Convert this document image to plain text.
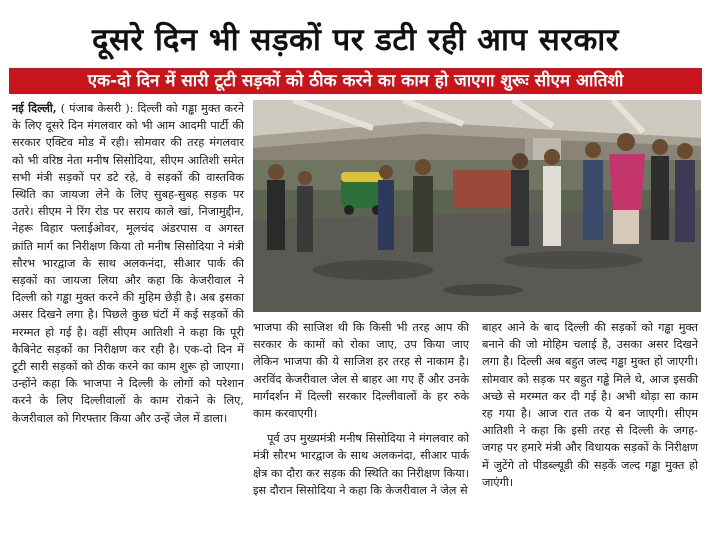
दूसरे दिन भी सड़कों पर डटी रही आप सरकार
एक-दो दिन में सारी टूटी सड़कों को ठीक करने का काम हो जाएगा शुरूः सीएम आतिशी

नई दिल्ली, ( पंजाब केसरी ): दिल्ली को गड्ढा मुक्त करने के लिए दूसरे दिन मंगलवार को भी आम आदमी पार्टी की सरकार एक्टिव मोड में रही। सोमवार की तरह मंगलवार को भी वरिष्ठ नेता मनीष सिसोदिया, सीएम आतिशी समेत सभी मंत्री सड़कों पर डटे रहे, वे सड़कों की वास्तविक स्थिति का जायजा लेने के लिए सुबह-सुबह सड़क पर उतरे। सीएम ने रिंग रोड पर सराय काले खां, निजामुद्दीन, नेहरू विहार फ्लाईओवर, मूलचंद अंडरपास व अगस्त क्रांति मार्ग का निरीक्षण किया तो मनीष सिसोदिया ने मंत्री सौरभ भारद्वाज के साथ अलकनंदा, सीआर पार्क की सड़कों का जायजा लिया और कहा कि केजरीवाल ने दिल्ली को गड्ढा मुक्त करने की मुहिम छेड़ी है। अब इसका असर दिखने लगा है। पिछले कुछ घंटों में कई सड़कों की मरम्मत हो गई है। वहीं सीएम आतिशी ने कहा कि पूरी कैबिनेट सड़कों का निरीक्षण कर रही है। एक-दो दिन में टूटी सारी सड़कों को ठीक करने का काम शुरू हो जाएगा। उन्होंने कहा कि भाजपा ने दिल्ली के लोगों को परेशान करने के लिए दिल्लीवालों के काम रोकने के लिए, केजरीवाल को गिरफ्तार किया और उन्हें जेल में डाला।

भाजपा की साजिश थी कि किसी भी तरह आप की सरकार के कामों को रोका जाए, उप किया जाए लेकिन भाजपा की ये साजिश हर तरह से नाकाम है। अरविंद केजरीवाल जेल से बाहर आ गए हैं और उनके मार्गदर्शन में दिल्ली सरकार दिल्लीवालों के हर रुके काम करवाएगी।

पूर्व उप मुख्यमंत्री मनीष सिसोदिया ने मंगलवार को मंत्री सौरभ भारद्वाज के साथ अलकनंदा, सीआर पार्क क्षेत्र का दौरा कर सड़क की स्थिति का निरीक्षण किया। इस दौरान सिसोदिया ने कहा कि केजरीवाल ने जेल से

बाहर आने के बाद दिल्ली की सड़कों को गड्ढा मुक्त बनाने की जो मोहिम चलाई है, उसका असर दिखने लगा है। दिल्ली अब बहुत जल्द गड्ढा मुक्त हो जाएगी। सोमवार को सड़क पर बहुत गड्ढे मिले थे, आज इसकी अच्छे से मरम्मत कर दी गई है। अभी थोड़ा सा काम रह गया है। आज रात तक ये बन जाएगी। सीएम आतिशी ने कहा कि इसी तरह से दिल्ली के जगह-जगह पर हमारे मंत्री और विधायक सड़कों के निरीक्षण में जुटेंगे तो पीडब्ल्यूडी की सड़कें जल्द गड्ढा मुक्त हो जाएंगी।
